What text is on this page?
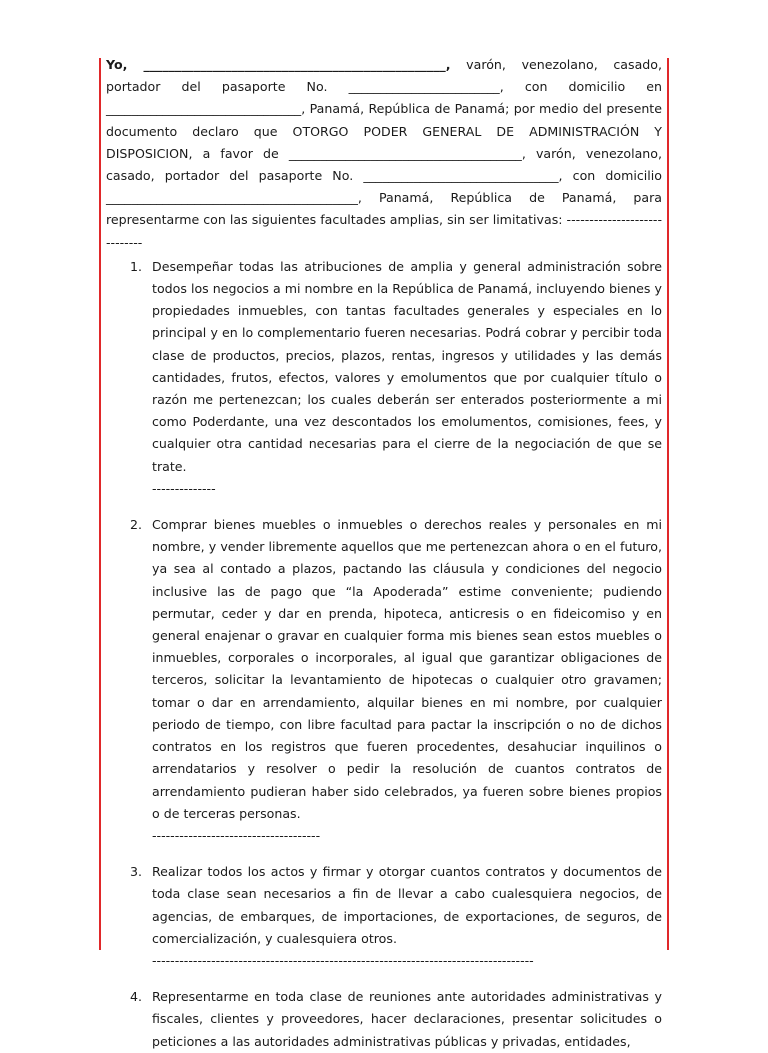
Yo, ________________________________________________, varón, venezolano, casado, portador del pasaporte No. ________________________, con domicilio en _______________________________, Panamá, República de Panamá; por medio del presente documento declaro que OTORGO PODER GENERAL DE ADMINISTRACIÓN Y DISPOSICION, a favor de _____________________________________, varón, venezolano, casado, portador del pasaporte No. _______________________________, con domicilio ________________________________________, Panamá, República de Panamá, para representarme con las siguientes facultades amplias, sin ser limitativas: -----------------------------

1. Desempeñar todas las atribuciones de amplia y general administración sobre todos los negocios a mi nombre en la República de Panamá, incluyendo bienes y propiedades inmuebles, con tantas facultades generales y especiales en lo principal y en lo complementario fueren necesarias. Podrá cobrar y percibir toda clase de productos, precios, plazos, rentas, ingresos y utilidades y las demás cantidades, frutos, efectos, valores y emolumentos que por cualquier título o razón me pertenezcan; los cuales deberán ser enterados posteriormente a mi como Poderdante, una vez descontados los emolumentos, comisiones, fees, y cualquier otra cantidad necesarias para el cierre de la negociación de que se trate.
--------------
2. Comprar bienes muebles o inmuebles o derechos reales y personales en mi nombre, y vender libremente aquellos que me pertenezcan ahora o en el futuro, ya sea al contado a plazos, pactando las cláusula y condiciones del negocio inclusive las de pago que “la Apoderada” estime conveniente; pudiendo permutar, ceder y dar en prenda, hipoteca, anticresis o en fideicomiso y en general enajenar o gravar en cualquier forma mis bienes sean estos muebles o inmuebles, corporales o incorporales, al igual que garantizar obligaciones de terceros, solicitar la levantamiento de hipotecas o cualquier otro gravamen; tomar o dar en arrendamiento, alquilar bienes en mi nombre, por cualquier periodo de tiempo, con libre facultad para pactar la inscripción o no de dichos contratos en los registros que fueren procedentes, desahuciar inquilinos o arrendatarios y resolver o pedir la resolución de cuantos contratos de arrendamiento pudieran haber sido celebrados, ya fueren sobre bienes propios o de terceras personas.
-------------------------------------
3. Realizar todos los actos y firmar y otorgar cuantos contratos y documentos de toda clase sean necesarios a fin de llevar a cabo cualesquiera negocios, de agencias, de embarques, de importaciones, de exportaciones, de seguros, de comercialización, y cualesquiera otros.
------------------------------------------------------------------------------------
4. Representarme en toda clase de reuniones ante autoridades administrativas y fiscales, clientes y proveedores, hacer declaraciones, presentar solicitudes o peticiones a las autoridades administrativas públicas y privadas, entidades,
